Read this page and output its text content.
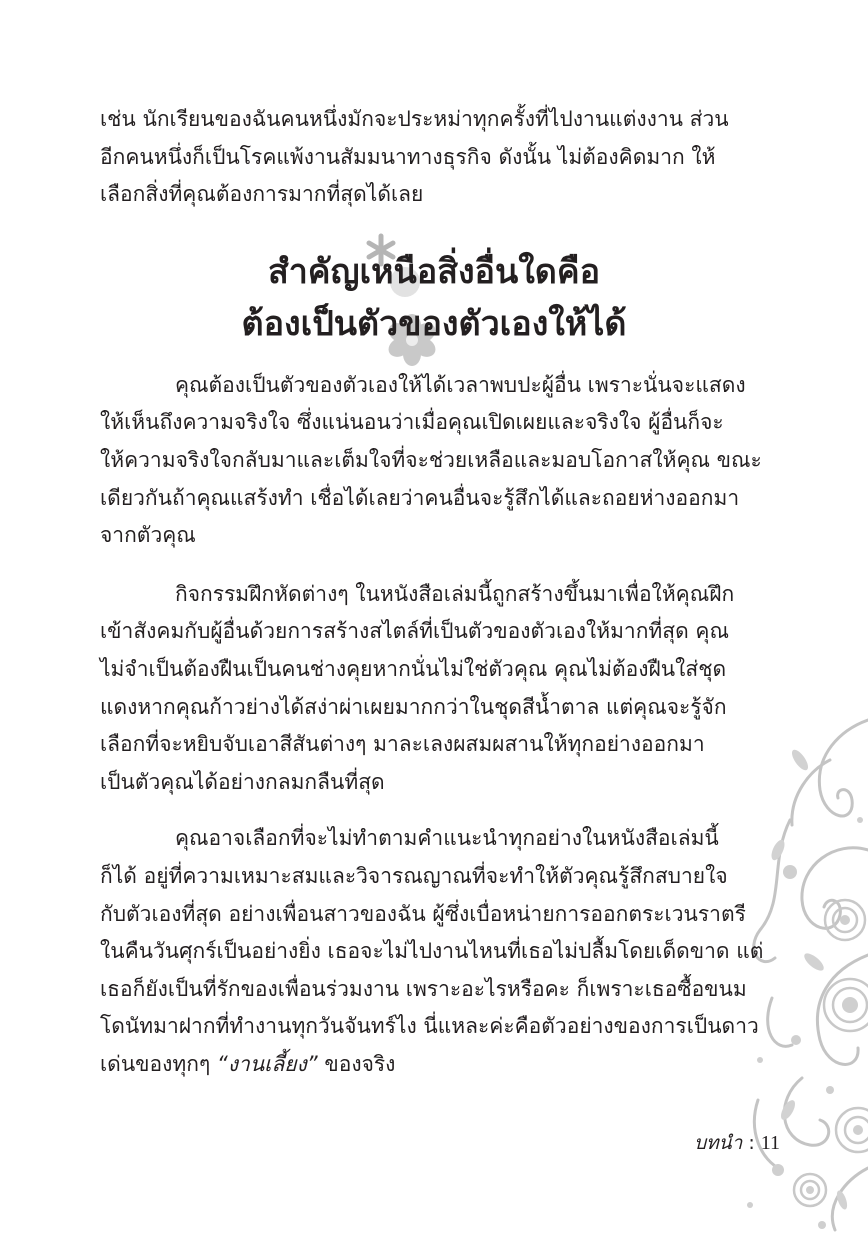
เช่น นักเรียนของฉันคนหนึ่งมักจะประหม่าทุกครั้งที่ไปงานแต่งงาน ส่วน
อีกคนหนึ่งก็เป็นโรคแพ้งานสัมมนาทางธุรกิจ ดังนั้น ไม่ต้องคิดมาก ให้
เลือกสิ่งที่คุณต้องการมากที่สุดได้เลย
สำคัญเหนือสิ่งอื่นใดคือ
ต้องเป็นตัวของตัวเองให้ได้
คุณต้องเป็นตัวของตัวเองให้ได้เวลาพบปะผู้อื่น เพราะนั่นจะแสดง
ให้เห็นถึงความจริงใจ ซึ่งแน่นอนว่าเมื่อคุณเปิดเผยและจริงใจ ผู้อื่นก็จะ
ให้ความจริงใจกลับมาและเต็มใจที่จะช่วยเหลือและมอบโอกาสให้คุณ ขณะ
เดียวกันถ้าคุณแสร้งทำ เชื่อได้เลยว่าคนอื่นจะรู้สึกได้และถอยห่างออกมา
จากตัวคุณ
กิจกรรมฝึกหัดต่างๆ ในหนังสือเล่มนี้ถูกสร้างขึ้นมาเพื่อให้คุณฝึก
เข้าสังคมกับผู้อื่นด้วยการสร้างสไตล์ที่เป็นตัวของตัวเองให้มากที่สุด คุณ
ไม่จำเป็นต้องฝืนเป็นคนช่างคุยหากนั่นไม่ใช่ตัวคุณ คุณไม่ต้องฝืนใส่ชุด
แดงหากคุณก้าวย่างได้สง่าผ่าเผยมากกว่าในชุดสีน้ำตาล แต่คุณจะรู้จัก
เลือกที่จะหยิบจับเอาสีสันต่างๆ มาละเลงผสมผสานให้ทุกอย่างออกมา
เป็นตัวคุณได้อย่างกลมกลืนที่สุด
คุณอาจเลือกที่จะไม่ทำตามคำแนะนำทุกอย่างในหนังสือเล่มนี้
ก็ได้ อยู่ที่ความเหมาะสมและวิจารณญาณที่จะทำให้ตัวคุณรู้สึกสบายใจ
กับตัวเองที่สุด อย่างเพื่อนสาวของฉัน ผู้ซึ่งเบื่อหน่ายการออกตระเวนราตรี
ในคืนวันศุกร์เป็นอย่างยิ่ง เธอจะไม่ไปงานไหนที่เธอไม่ปลื้มโดยเด็ดขาด แต่
เธอก็ยังเป็นที่รักของเพื่อนร่วมงาน เพราะอะไรหรือคะ ก็เพราะเธอซื้อขนม
โดนัทมาฝากที่ทำงานทุกวันจันทร์ไง นี่แหละค่ะคือตัวอย่างของการเป็นดาว
เด่นของทุกๆ “งานเลี้ยง” ของจริง
บทนำ : 11
